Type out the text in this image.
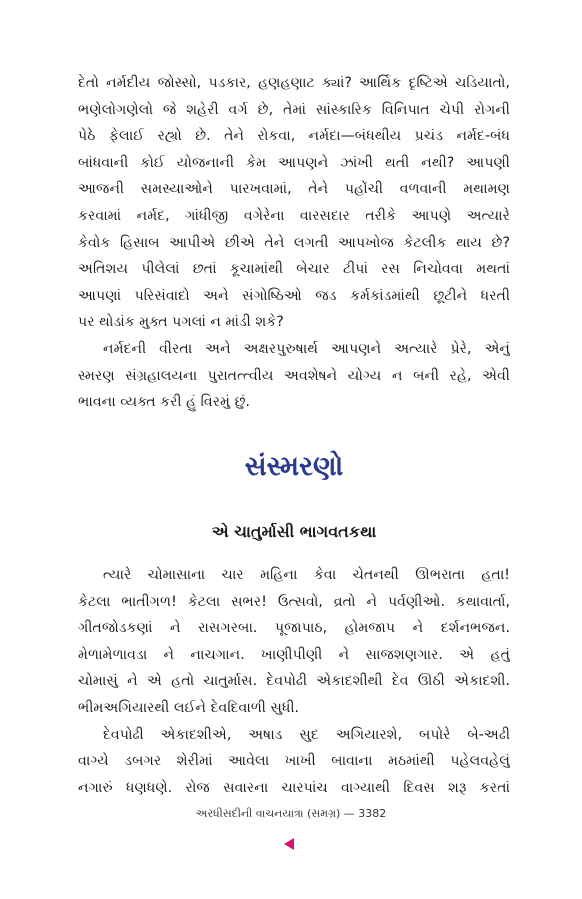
દેતો નર્મદીય જોસ્સો, પડકાર, હણહણાટ ક્યાં? આર્થિક દૃષ્ટિએ ચડિયાતો,
ભણેલોગણેલો જે શહેરી વર્ગ છે, તેમાં સાંસ્કારિક વિનિપાત ચેપી રોગની
પેઠે ફેલાઈ રહ્યો છે. તેને રોકવા, નર્મદા—બંધથીય પ્રચંડ નર્મદ-બંધ
બાંધવાની કોઈ યોજનાની કેમ આપણને ઝાંખી થતી નથી? આપણી
આજની સમસ્યાઓને પારખવામાં, તેને પહોંચી વળવાની મથામણ
કરવામાં નર્મદ, ગાંધીજી વગેરેના વારસદાર તરીકે આપણે અત્યારે
કેવોક હિસાબ આપીએ છીએ તેને લગતી આપખોજ કેટલીક થાય છે?
અતિશય પીલેલાં છતાં કૂચામાંથી બેચાર ટીપાં રસ નિચોવવા મથતાં
આપણાં પરિસંવાદો અને સંગોષ્ઠિઓ જડ કર્મકાંડમાંથી છૂટીને ધરતી
પર થોડાંક મુક્ત પગલાં ન માંડી શકે?
નર્મદની વીરતા અને અક્ષરપુરુષાર્થ આપણને અત્યારે પ્રેરે, એનું
સ્મરણ સંગ્રહાલયના પુરાતત્ત્વીય અવશેષને યોગ્ય ન બની રહે, એવી
ભાવના વ્યક્ત કરી હું વિરમું છું.
સંસ્મરણો
એ ચાતુર્માસી ભાગવતકથા
ત્યારે ચોમાસાના ચાર મહિના કેવા ચેતનથી ઊભરાતા હતા!
કેટલા ભાતીગળ! કેટલા સભર! ઉત્સવો, વ્રતો ને પર્વણીઓ. કથાવાર્તા,
ગીતજોડકણાં ને રાસગરબા. પૂજાપાઠ, હોમજાપ ને દર્શનભજન.
મેળામેળાવડા ને નાચગાન. ખાણીપીણી ને સાજશણગાર. એ હતું
ચોમાસું ને એ હતો ચાતુર્માસ. દેવપોઢી એકાદશીથી દેવ ઊઠી એકાદશી.
ભીમઅગિયારથી લઈને દેવદિવાળી સુધી.
દેવપોઢી એકાદશીએ, અષાડ સુદ અગિયારશે, બપોરે બે-અઢી
વાગ્યે ડબગર શેરીમાં આવેલા ખાખી બાવાના મઠમાંથી પહેલવહેલું
નગારું ધણધણે. રોજ સવારના ચારપાંચ વાગ્યાથી દિવસ શરૂ કરતાં
અરધીસદીની વાચનયાત્રા (સમગ્ર) — 3382
